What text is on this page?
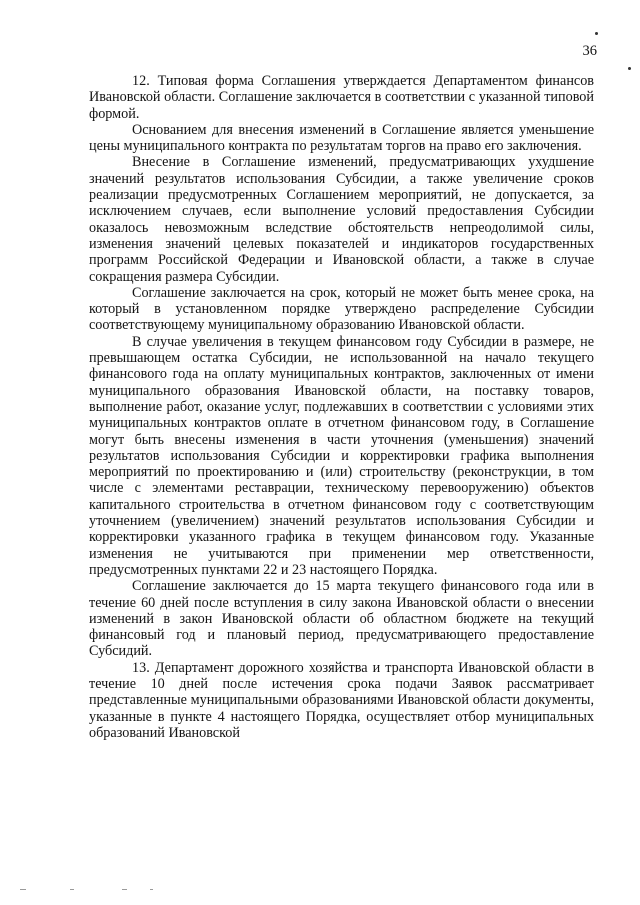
36

12. Типовая форма Соглашения утверждается Департаментом финансов Ивановской области. Соглашение заключается в соответствии с указанной типовой формой.

Основанием для внесения изменений в Соглашение является уменьшение цены муниципального контракта по результатам торгов на право его заключения.

Внесение в Соглашение изменений, предусматривающих ухудшение значений результатов использования Субсидии, а также увеличение сроков реализации предусмотренных Соглашением мероприятий, не допускается, за исключением случаев, если выполнение условий предоставления Субсидии оказалось невозможным вследствие обстоятельств непреодолимой силы, изменения значений целевых показателей и индикаторов государственных программ Российской Федерации и Ивановской области, а также в случае сокращения размера Субсидии.

Соглашение заключается на срок, который не может быть менее срока, на который в установленном порядке утверждено распределение Субсидии соответствующему муниципальному образованию Ивановской области.

В случае увеличения в текущем финансовом году Субсидии в размере, не превышающем остатка Субсидии, не использованной на начало текущего финансового года на оплату муниципальных контрактов, заключенных от имени муниципального образования Ивановской области, на поставку товаров, выполнение работ, оказание услуг, подлежавших в соответствии с условиями этих муниципальных контрактов оплате в отчетном финансовом году, в Соглашение могут быть внесены изменения в части уточнения (уменьшения) значений результатов использования Субсидии и корректировки графика выполнения мероприятий по проектированию и (или) строительству (реконструкции, в том числе с элементами реставрации, техническому перевооружению) объектов капитального строительства в отчетном финансовом году с соответствующим уточнением (увеличением) значений результатов использования Субсидии и корректировки указанного графика в текущем финансовом году. Указанные изменения не учитываются при применении мер ответственности, предусмотренных пунктами 22 и 23 настоящего Порядка.

Соглашение заключается до 15 марта текущего финансового года или в течение 60 дней после вступления в силу закона Ивановской области о внесении изменений в закон Ивановской области об областном бюджете на текущий финансовый год и плановый период, предусматривающего предоставление Субсидий.

13. Департамент дорожного хозяйства и транспорта Ивановской области в течение 10 дней после истечения срока подачи Заявок рассматривает представленные муниципальными образованиями Ивановской области документы, указанные в пункте 4 настоящего Порядка, осуществляет отбор муниципальных образований Ивановской
